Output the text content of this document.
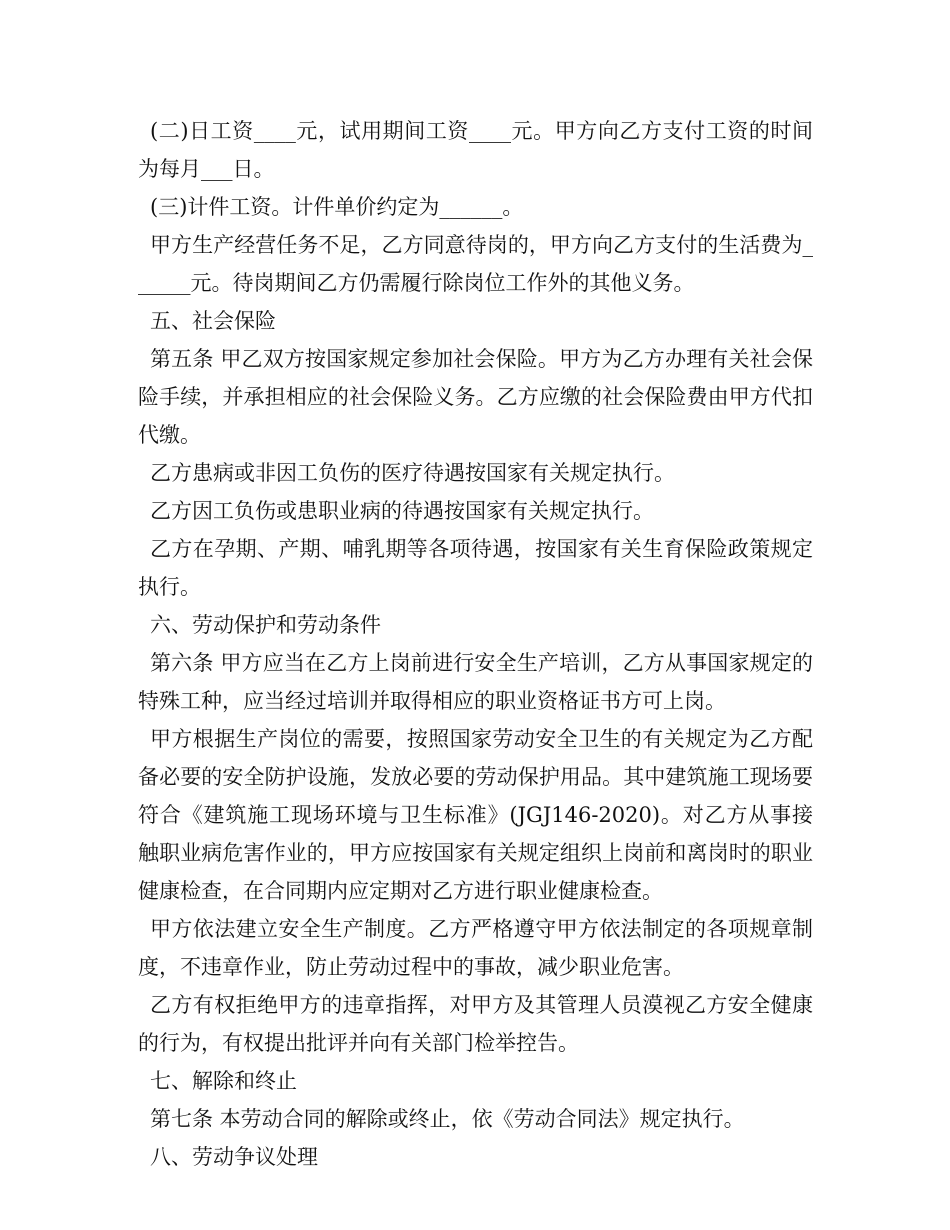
(二)日工资____元，试用期间工资____元。甲方向乙方支付工资的时间为每月___日。

(三)计件工资。计件单价约定为______。

甲方生产经营任务不足，乙方同意待岗的，甲方向乙方支付的生活费为______元。待岗期间乙方仍需履行除岗位工作外的其他义务。

五、社会保险

第五条 甲乙双方按国家规定参加社会保险。甲方为乙方办理有关社会保险手续，并承担相应的社会保险义务。乙方应缴的社会保险费由甲方代扣代缴。

乙方患病或非因工负伤的医疗待遇按国家有关规定执行。

乙方因工负伤或患职业病的待遇按国家有关规定执行。

乙方在孕期、产期、哺乳期等各项待遇，按国家有关生育保险政策规定执行。

六、劳动保护和劳动条件

第六条 甲方应当在乙方上岗前进行安全生产培训，乙方从事国家规定的特殊工种，应当经过培训并取得相应的职业资格证书方可上岗。

甲方根据生产岗位的需要，按照国家劳动安全卫生的有关规定为乙方配备必要的安全防护设施，发放必要的劳动保护用品。其中建筑施工现场要符合《建筑施工现场环境与卫生标准》(JGJ146-2020)。对乙方从事接触职业病危害作业的，甲方应按国家有关规定组织上岗前和离岗时的职业健康检查，在合同期内应定期对乙方进行职业健康检查。

甲方依法建立安全生产制度。乙方严格遵守甲方依法制定的各项规章制度，不违章作业，防止劳动过程中的事故，减少职业危害。

乙方有权拒绝甲方的违章指挥，对甲方及其管理人员漠视乙方安全健康的行为，有权提出批评并向有关部门检举控告。

七、解除和终止

第七条 本劳动合同的解除或终止，依《劳动合同法》规定执行。

八、劳动争议处理
